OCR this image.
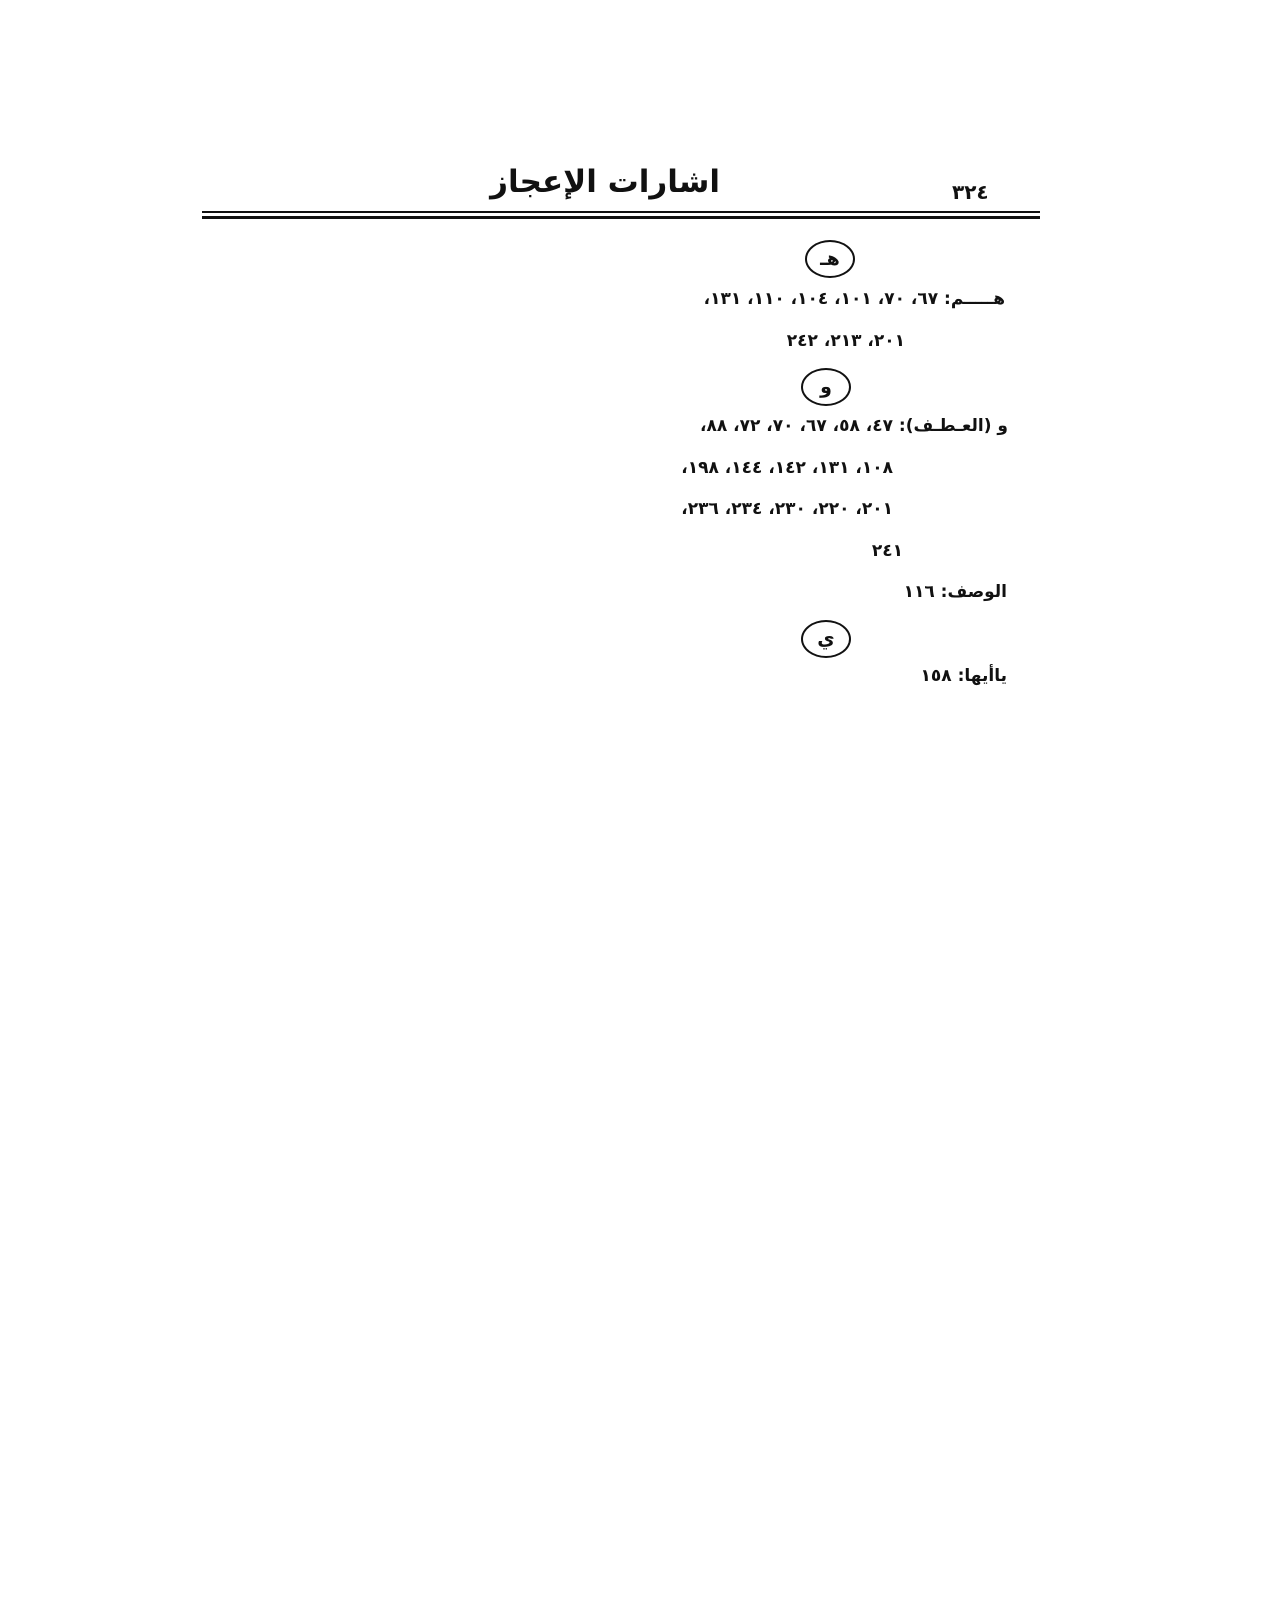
٣٢٤
اشارات الإعجاز
هـ
هـــــم: ٦٧، ٧٠، ١٠١، ١٠٤، ١١٠، ١٣١،
٢٠١، ٢١٣، ٢٤٢
و
و (العـطـف): ٤٧، ٥٨، ٦٧، ٧٠، ٧٢، ٨٨،
١٠٨، ١٣١، ١٤٢، ١٤٤، ١٩٨،
٢٠١، ٢٢٠، ٢٣٠، ٢٣٤، ٢٣٦،
٢٤١
الوصف: ١١٦
ي
ياأيها: ١٥٨
